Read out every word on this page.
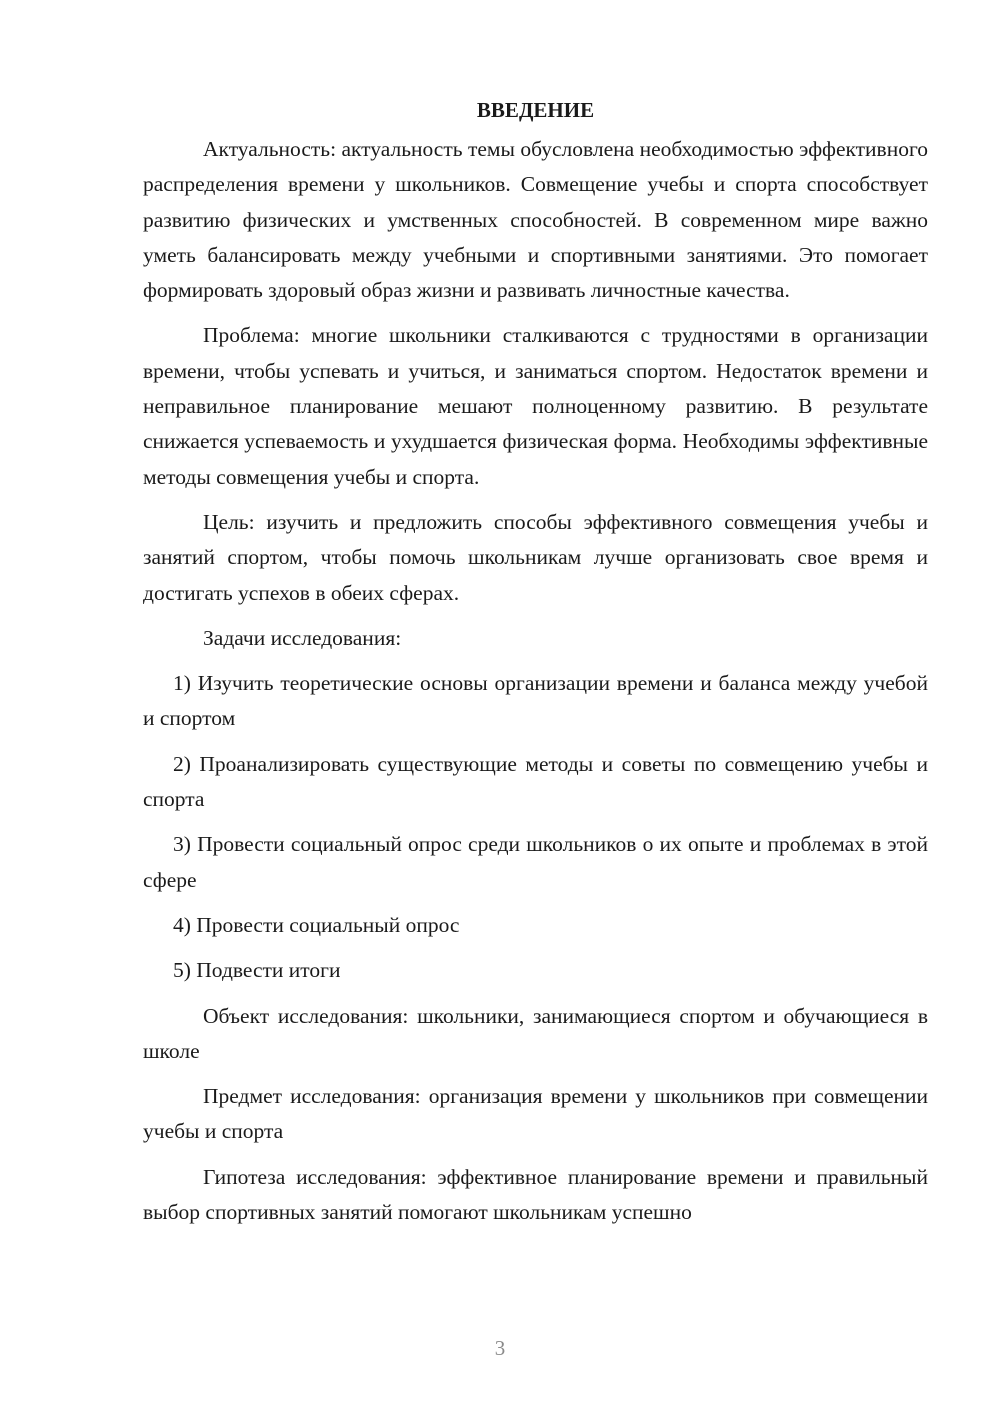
ВВЕДЕНИЕ

Актуальность: актуальность темы обусловлена необходимостью эффективного распределения времени у школьников. Совмещение учебы и спорта способствует развитию физических и умственных способностей. В современном мире важно уметь балансировать между учебными и спортивными занятиями. Это помогает формировать здоровый образ жизни и развивать личностные качества.

Проблема: многие школьники сталкиваются с трудностями в организации времени, чтобы успевать и учиться, и заниматься спортом. Недостаток времени и неправильное планирование мешают полноценному развитию. В результате снижается успеваемость и ухудшается физическая форма. Необходимы эффективные методы совмещения учебы и спорта.

Цель: изучить и предложить способы эффективного совмещения учебы и занятий спортом, чтобы помочь школьникам лучше организовать свое время и достигать успехов в обеих сферах.

Задачи исследования:

1) Изучить теоретические основы организации времени и баланса между учебой и спортом

2) Проанализировать существующие методы и советы по совмещению учебы и спорта

3) Провести социальный опрос среди школьников о их опыте и проблемах в этой сфере

4) Провести социальный опрос

5) Подвести итоги

Объект исследования: школьники, занимающиеся спортом и обучающиеся в школе

Предмет исследования: организация времени у школьников при совмещении учебы и спорта

Гипотеза исследования: эффективное планирование времени и правильный выбор спортивных занятий помогают школьникам успешно

3
